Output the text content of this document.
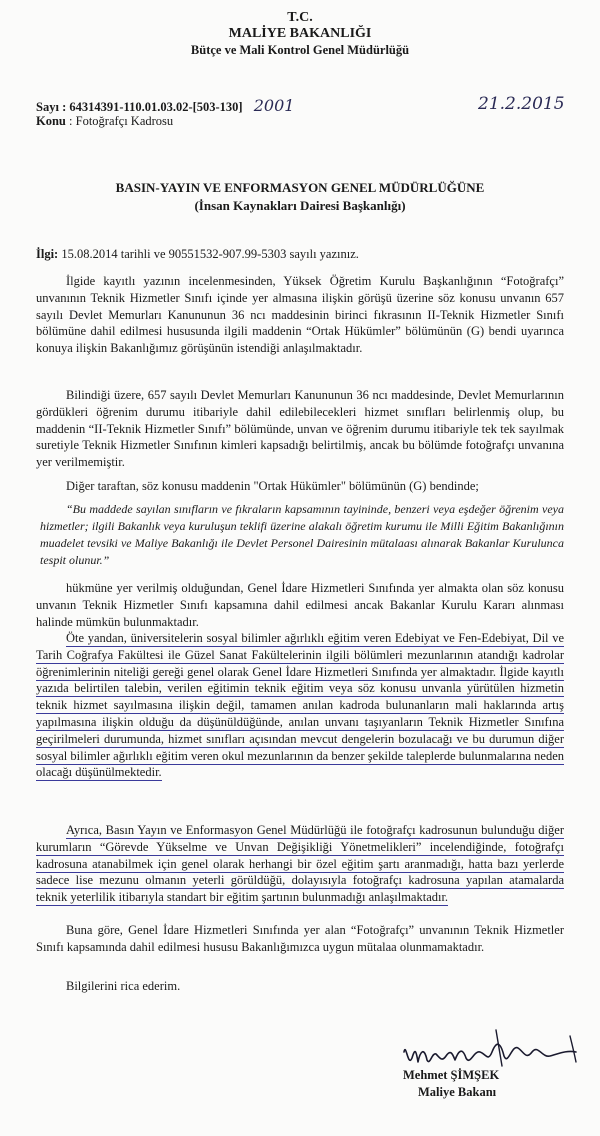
T.C.
MALİYE BAKANLIĞI
Bütçe ve Mali Kontrol Genel Müdürlüğü
Sayı : 64314391-110.01.03.02-[503-130] 2001
Konu : Fotoğrafçı Kadrosu
21.2.2015
BASIN-YAYIN VE ENFORMASYON GENEL MÜDÜRLÜĞÜNE
(İnsan Kaynakları Dairesi Başkanlığı)
İlgi: 15.08.2014 tarihli ve 90551532-907.99-5303 sayılı yazınız.

İlgide kayıtlı yazının incelenmesinden, Yüksek Öğretim Kurulu Başkanlığının “Fotoğrafçı” unvanının Teknik Hizmetler Sınıfı içinde yer almasına ilişkin görüşü üzerine söz konusu unvanın 657 sayılı Devlet Memurları Kanununun 36 ncı maddesinin birinci fıkrasının II-Teknik Hizmetler Sınıfı bölümüne dahil edilmesi hususunda ilgili maddenin “Ortak Hükümler” bölümünün (G) bendi uyarınca konuya ilişkin Bakanlığımız görüşünün istendiği anlaşılmaktadır.

Bilindiği üzere, 657 sayılı Devlet Memurları Kanununun 36 ncı maddesinde, Devlet Memurlarının gördükleri öğrenim durumu itibariyle dahil edilebilecekleri hizmet sınıfları belirlenmiş olup, bu maddenin “II-Teknik Hizmetler Sınıfı” bölümünde, unvan ve öğrenim durumu itibariyle tek tek sayılmak suretiyle Teknik Hizmetler Sınıfının kimleri kapsadığı belirtilmiş, ancak bu bölümde fotoğrafçı unvanına yer verilmemiştir.

Diğer taraftan, söz konusu maddenin "Ortak Hükümler" bölümünün (G) bendinde;

“Bu maddede sayılan sınıfların ve fıkraların kapsamının tayininde, benzeri veya eşdeğer öğrenim veya hizmetler; ilgili Bakanlık veya kuruluşun teklifi üzerine alakalı öğretim kurumu ile Milli Eğitim Bakanlığının muadelet tevsiki ve Maliye Bakanlığı ile Devlet Personel Dairesinin mütalaası alınarak Bakanlar Kurulunca tespit olunur.”

hükmüne yer verilmiş olduğundan, Genel İdare Hizmetleri Sınıfında yer almakta olan söz konusu unvanın Teknik Hizmetler Sınıfı kapsamına dahil edilmesi ancak Bakanlar Kurulu Kararı alınması halinde mümkün bulunmaktadır.

Öte yandan, üniversitelerin sosyal bilimler ağırlıklı eğitim veren Edebiyat ve Fen-Edebiyat, Dil ve Tarih Coğrafya Fakültesi ile Güzel Sanat Fakültelerinin ilgili bölümleri mezunlarının atandığı kadrolar öğrenimlerinin niteliği gereği genel olarak Genel İdare Hizmetleri Sınıfında yer almaktadır. İlgide kayıtlı yazıda belirtilen talebin, verilen eğitimin teknik eğitim veya söz konusu unvanla yürütülen hizmetin teknik hizmet sayılmasına ilişkin değil, tamamen anılan kadroda bulunanların mali haklarında artış yapılmasına ilişkin olduğu da düşünüldüğünde, anılan unvanı taşıyanların Teknik Hizmetler Sınıfına geçirilmeleri durumunda, hizmet sınıfları açısından mevcut dengelerin bozulacağı ve bu durumun diğer sosyal bilimler ağırlıklı eğitim veren okul mezunlarının da benzer şekilde taleplerde bulunmalarına neden olacağı düşünülmektedir.

Ayrıca, Basın Yayın ve Enformasyon Genel Müdürlüğü ile fotoğrafçı kadrosunun bulunduğu diğer kurumların “Görevde Yükselme ve Unvan Değişikliği Yönetmelikleri” incelendiğinde, fotoğrafçı kadrosuna atanabilmek için genel olarak herhangi bir özel eğitim şartı aranmadığı, hatta bazı yerlerde sadece lise mezunu olmanın yeterli görüldüğü, dolayısıyla fotoğrafçı kadrosuna yapılan atamalarda teknik yeterlilik itibarıyla standart bir eğitim şartının bulunmadığı anlaşılmaktadır.

Buna göre, Genel İdare Hizmetleri Sınıfında yer alan “Fotoğrafçı” unvanının Teknik Hizmetler Sınıfı kapsamında dahil edilmesi hususu Bakanlığımızca uygun mütalaa olunmamaktadır.

Bilgilerini rica ederim.

Mehmet ŞİMŞEK
Maliye Bakanı
